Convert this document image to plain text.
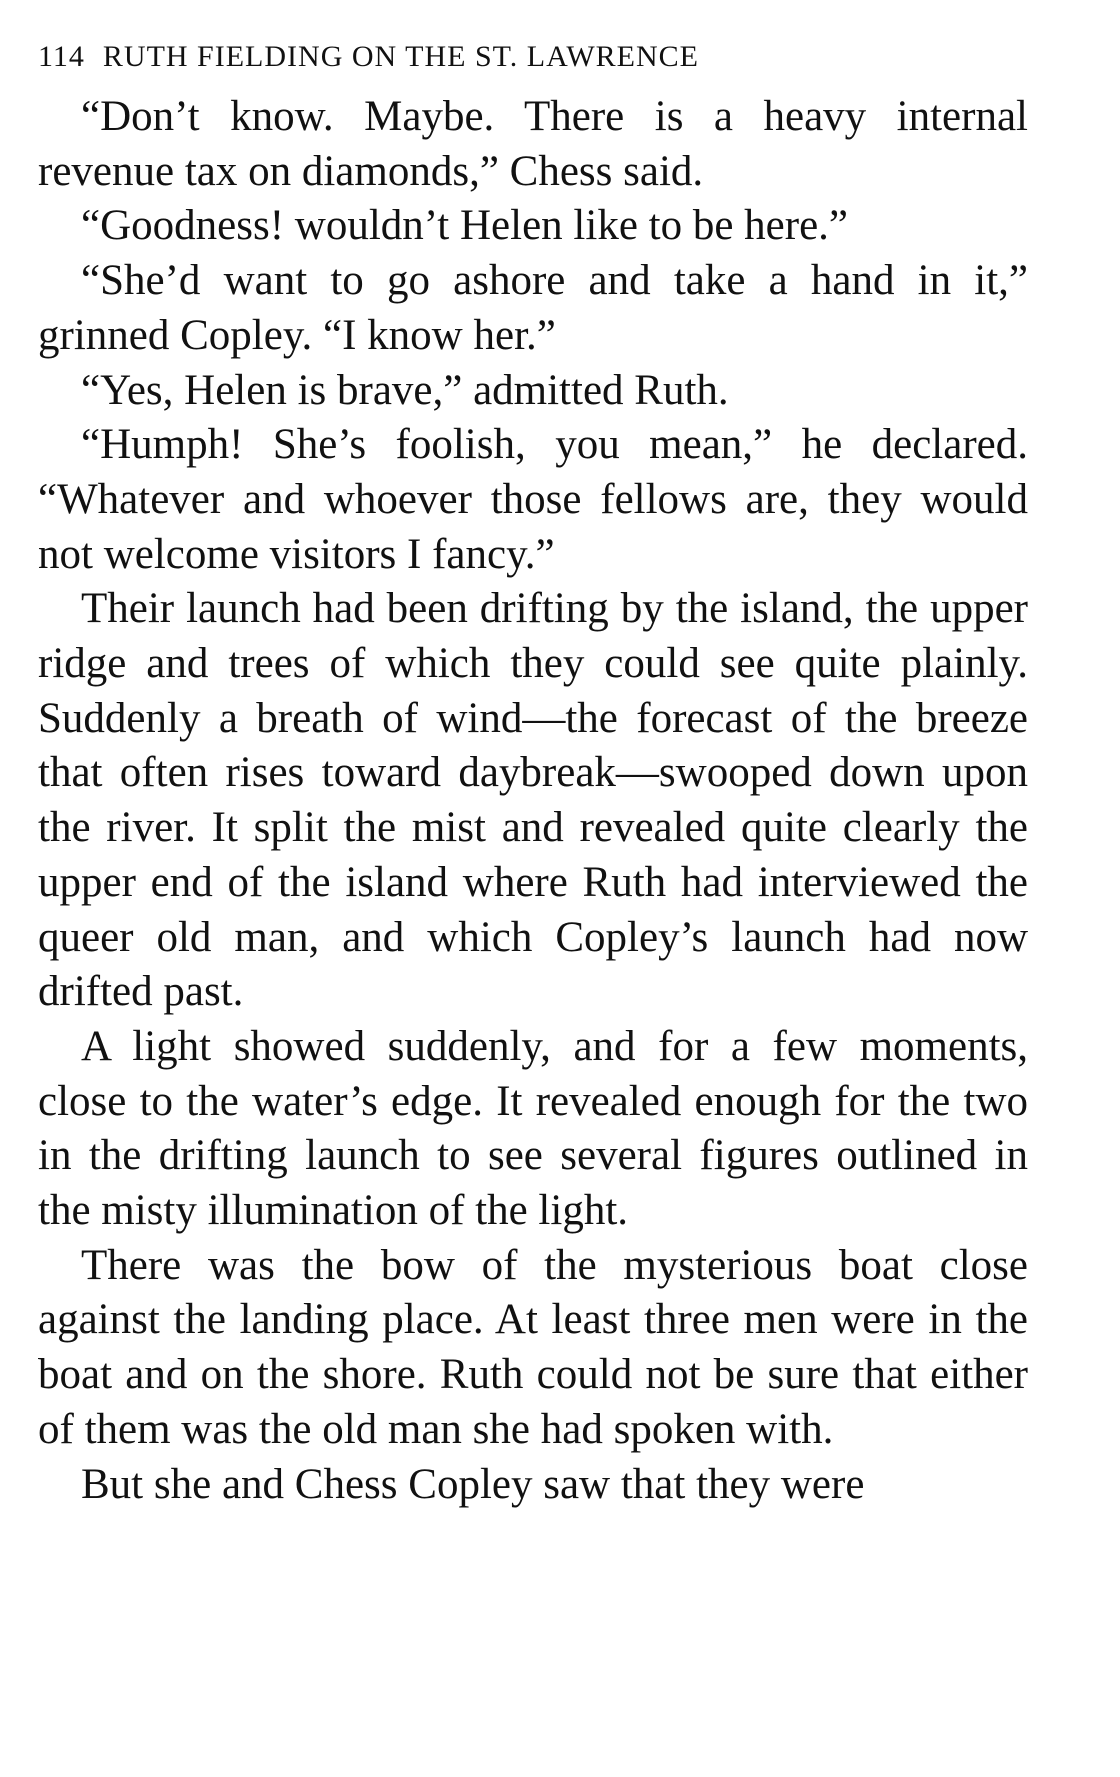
114 RUTH FIELDING ON THE ST. LAWRENCE

“Don’t know. Maybe. There is a heavy internal revenue tax on diamonds,” Chess said.

“Goodness! wouldn’t Helen like to be here.”

“She’d want to go ashore and take a hand in it,” grinned Copley. “I know her.”

“Yes, Helen is brave,” admitted Ruth.

“Humph! She’s foolish, you mean,” he declared. “Whatever and whoever those fellows are, they would not welcome visitors I fancy.”

Their launch had been drifting by the island, the upper ridge and trees of which they could see quite plainly. Suddenly a breath of wind—the forecast of the breeze that often rises toward daybreak—swooped down upon the river. It split the mist and revealed quite clearly the upper end of the island where Ruth had interviewed the queer old man, and which Copley’s launch had now drifted past.

A light showed suddenly, and for a few moments, close to the water’s edge. It revealed enough for the two in the drifting launch to see several figures outlined in the misty illumination of the light.

There was the bow of the mysterious boat close against the landing place. At least three men were in the boat and on the shore. Ruth could not be sure that either of them was the old man she had spoken with.

But she and Chess Copley saw that they were
